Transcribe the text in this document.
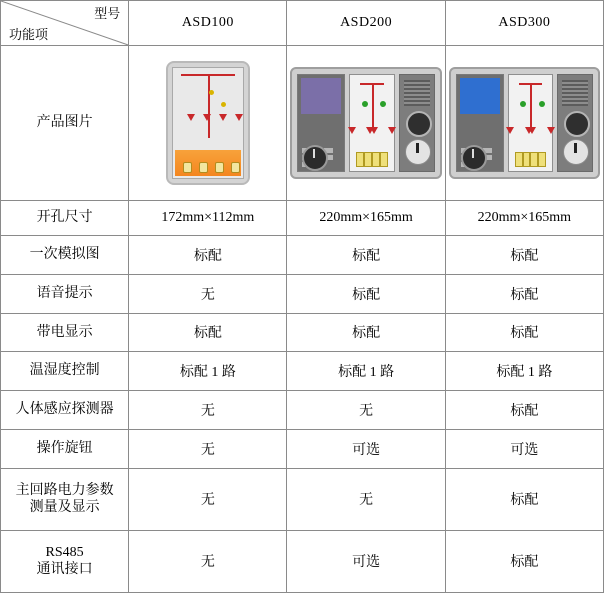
型号
功能项	ASD100	ASD200	ASD300
产品图片	

开孔尺寸	172mm×112mm	220mm×165mm	220mm×165mm
一次模拟图	标配	标配	标配
语音提示	无	标配	标配
带电显示	标配	标配	标配
温湿度控制	标配 1 路	标配 1 路	标配 1 路
人体感应探测器	无	无	标配
操作旋钮	无	可选	可选

主回路电力参数
测量及显示	无	无	标配

RS485
通讯接口	无	可选	标配
